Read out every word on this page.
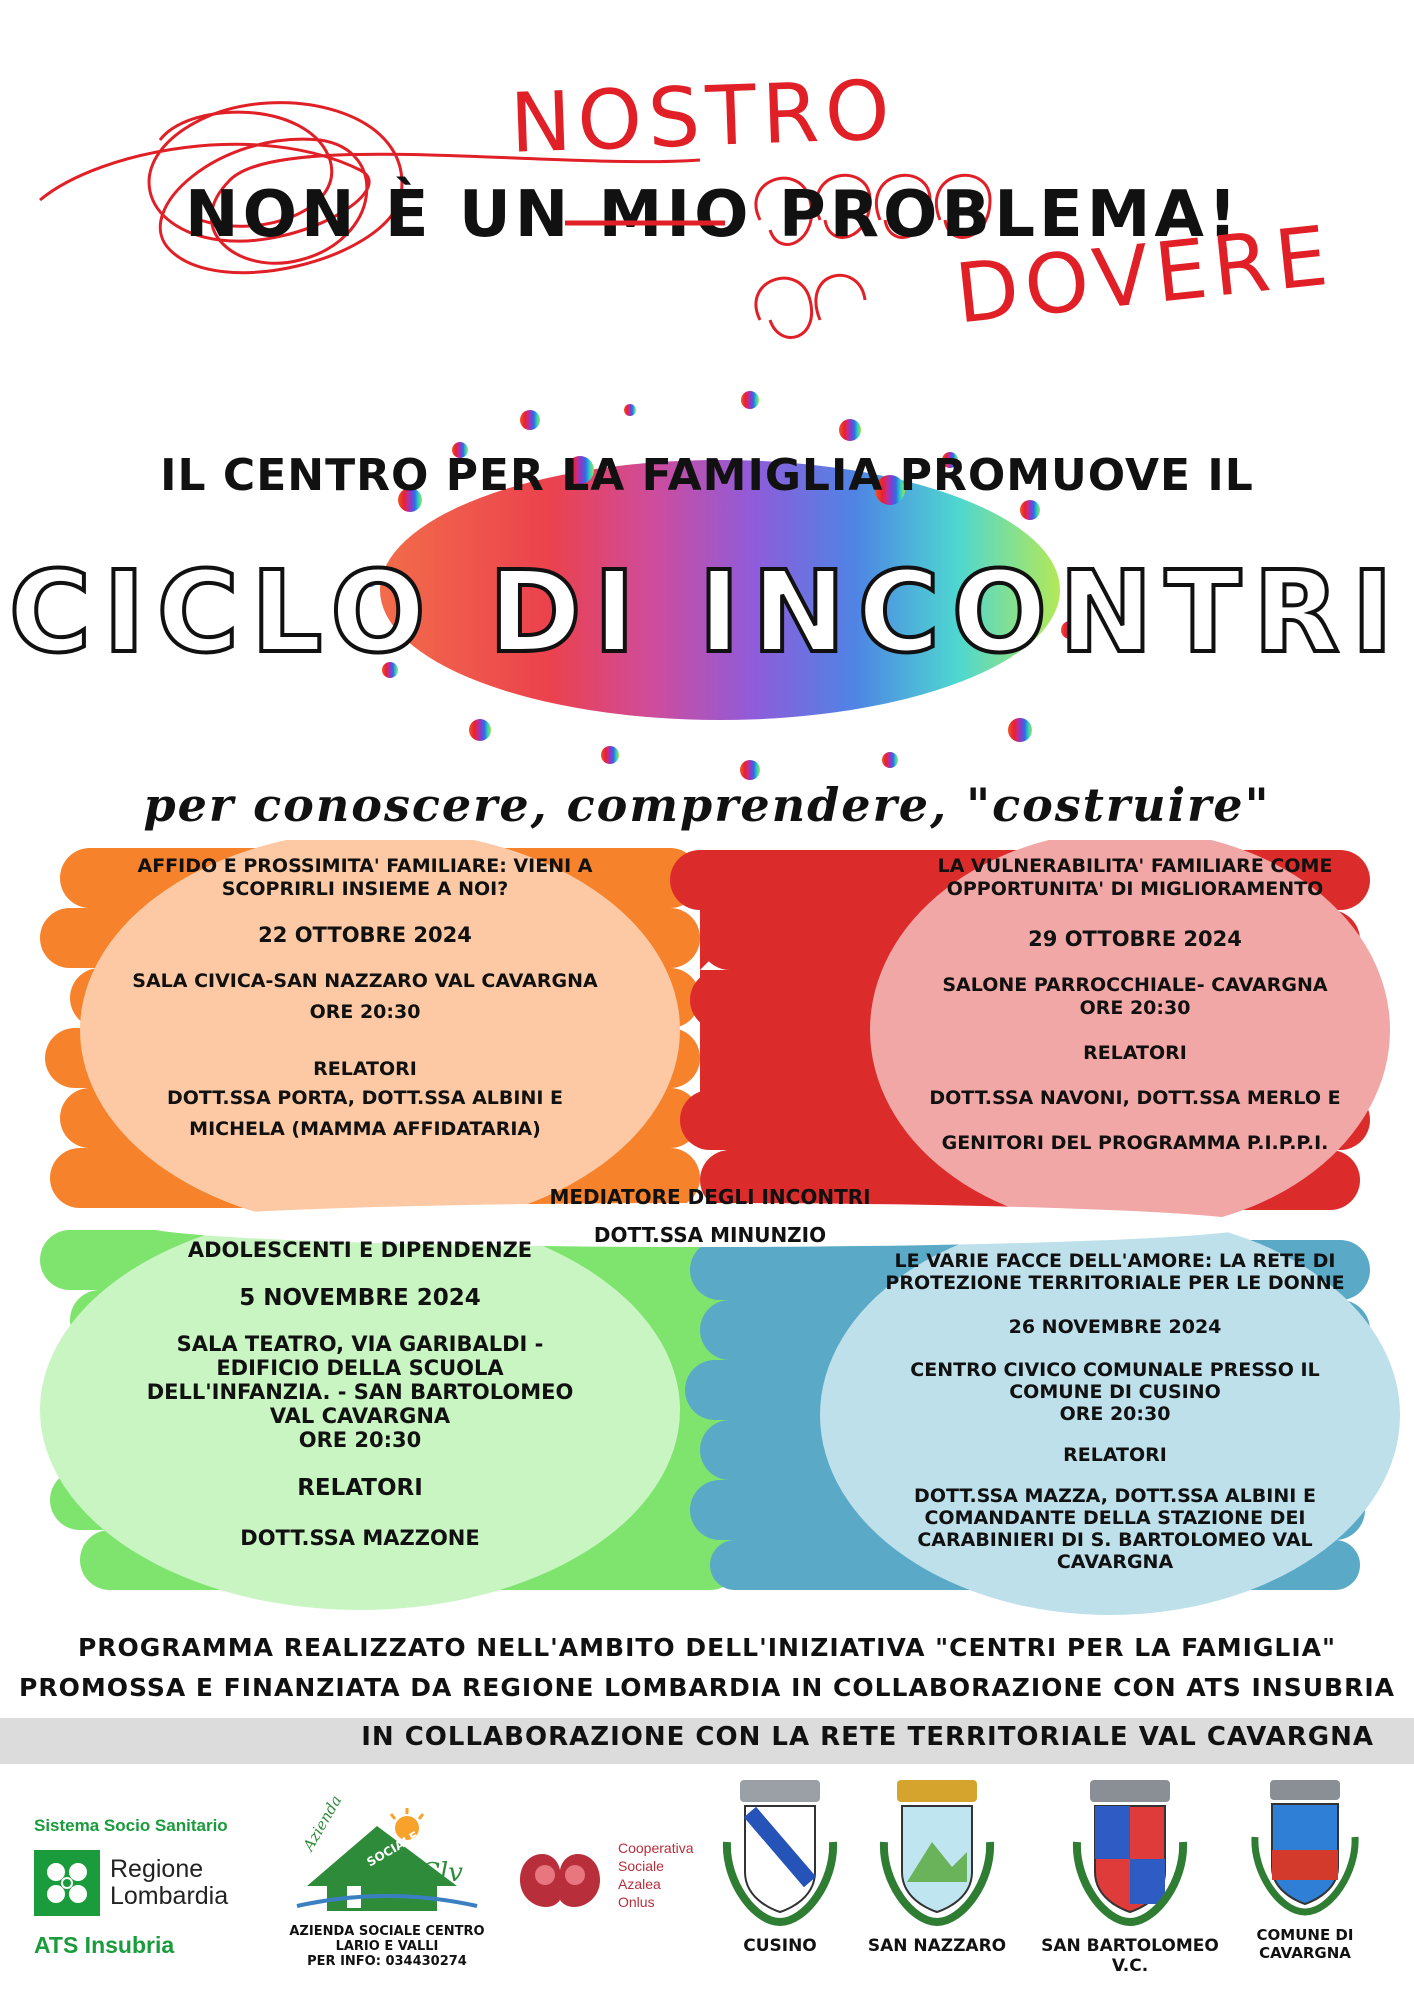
NOSTRO
NON È UN MIO PROBLEMA!
DOVERE
IL CENTRO PER LA FAMIGLIA PROMUOVE IL
CICLO DI INCONTRI
per conoscere, comprendere, "costruire"

AFFIDO E PROSSIMITA' FAMILIARE: VIENI A SCOPRIRLI INSIEME A NOI?

22 OTTOBRE 2024

SALA CIVICA-SAN NAZZARO VAL CAVARGNA

ORE 20:30

RELATORI

DOTT.SSA PORTA, DOTT.SSA ALBINI E

MICHELA (MAMMA AFFIDATARIA)

LA VULNERABILITA' FAMILIARE COME OPPORTUNITA' DI MIGLIORAMENTO

29 OTTOBRE 2024

SALONE PARROCCHIALE- CAVARGNA

ORE 20:30

RELATORI

DOTT.SSA NAVONI, DOTT.SSA MERLO E

GENITORI DEL PROGRAMMA P.I.P.P.I.

MEDIATORE DEGLI INCONTRI
DOTT.SSA MINUNZIO

ADOLESCENTI E DIPENDENZE

5 NOVEMBRE 2024

SALA TEATRO, VIA GARIBALDI -EDIFICIO DELLA SCUOLA DELL'INFANZIA. - SAN BARTOLOMEO VAL CAVARGNA

ORE 20:30

RELATORI

DOTT.SSA MAZZONE

LE VARIE FACCE DELL'AMORE: LA RETE DI PROTEZIONE TERRITORIALE PER LE DONNE

26 NOVEMBRE 2024

CENTRO CIVICO COMUNALE PRESSO IL COMUNE DI CUSINO

ORE 20:30

RELATORI

DOTT.SSA MAZZA, DOTT.SSA ALBINI E COMANDANTE DELLA STAZIONE DEI CARABINIERI DI S. BARTOLOMEO VAL CAVARGNA

PROGRAMMA REALIZZATO NELL'AMBITO DELL'INIZIATIVA "CENTRI PER LA FAMIGLIA"
PROMOSSA E FINANZIATA DA REGIONE LOMBARDIA IN COLLABORAZIONE CON ATS INSUBRIA
IN COLLABORAZIONE CON LA RETE TERRITORIALE VAL CAVARGNA
Sistema Socio Sanitario
Regione
Lombardia
ATS Insubria
Azienda SOCIALE
Clv
AZIENDA SOCIALE CENTRO LARIO E VALLI
PER INFO: 034430274
Cooperativa
Sociale
Azalea
Onlus
CUSINO	SAN NAZZARO	SAN BARTOLOMEO V.C.
COMUNE DI
CAVARGNA
